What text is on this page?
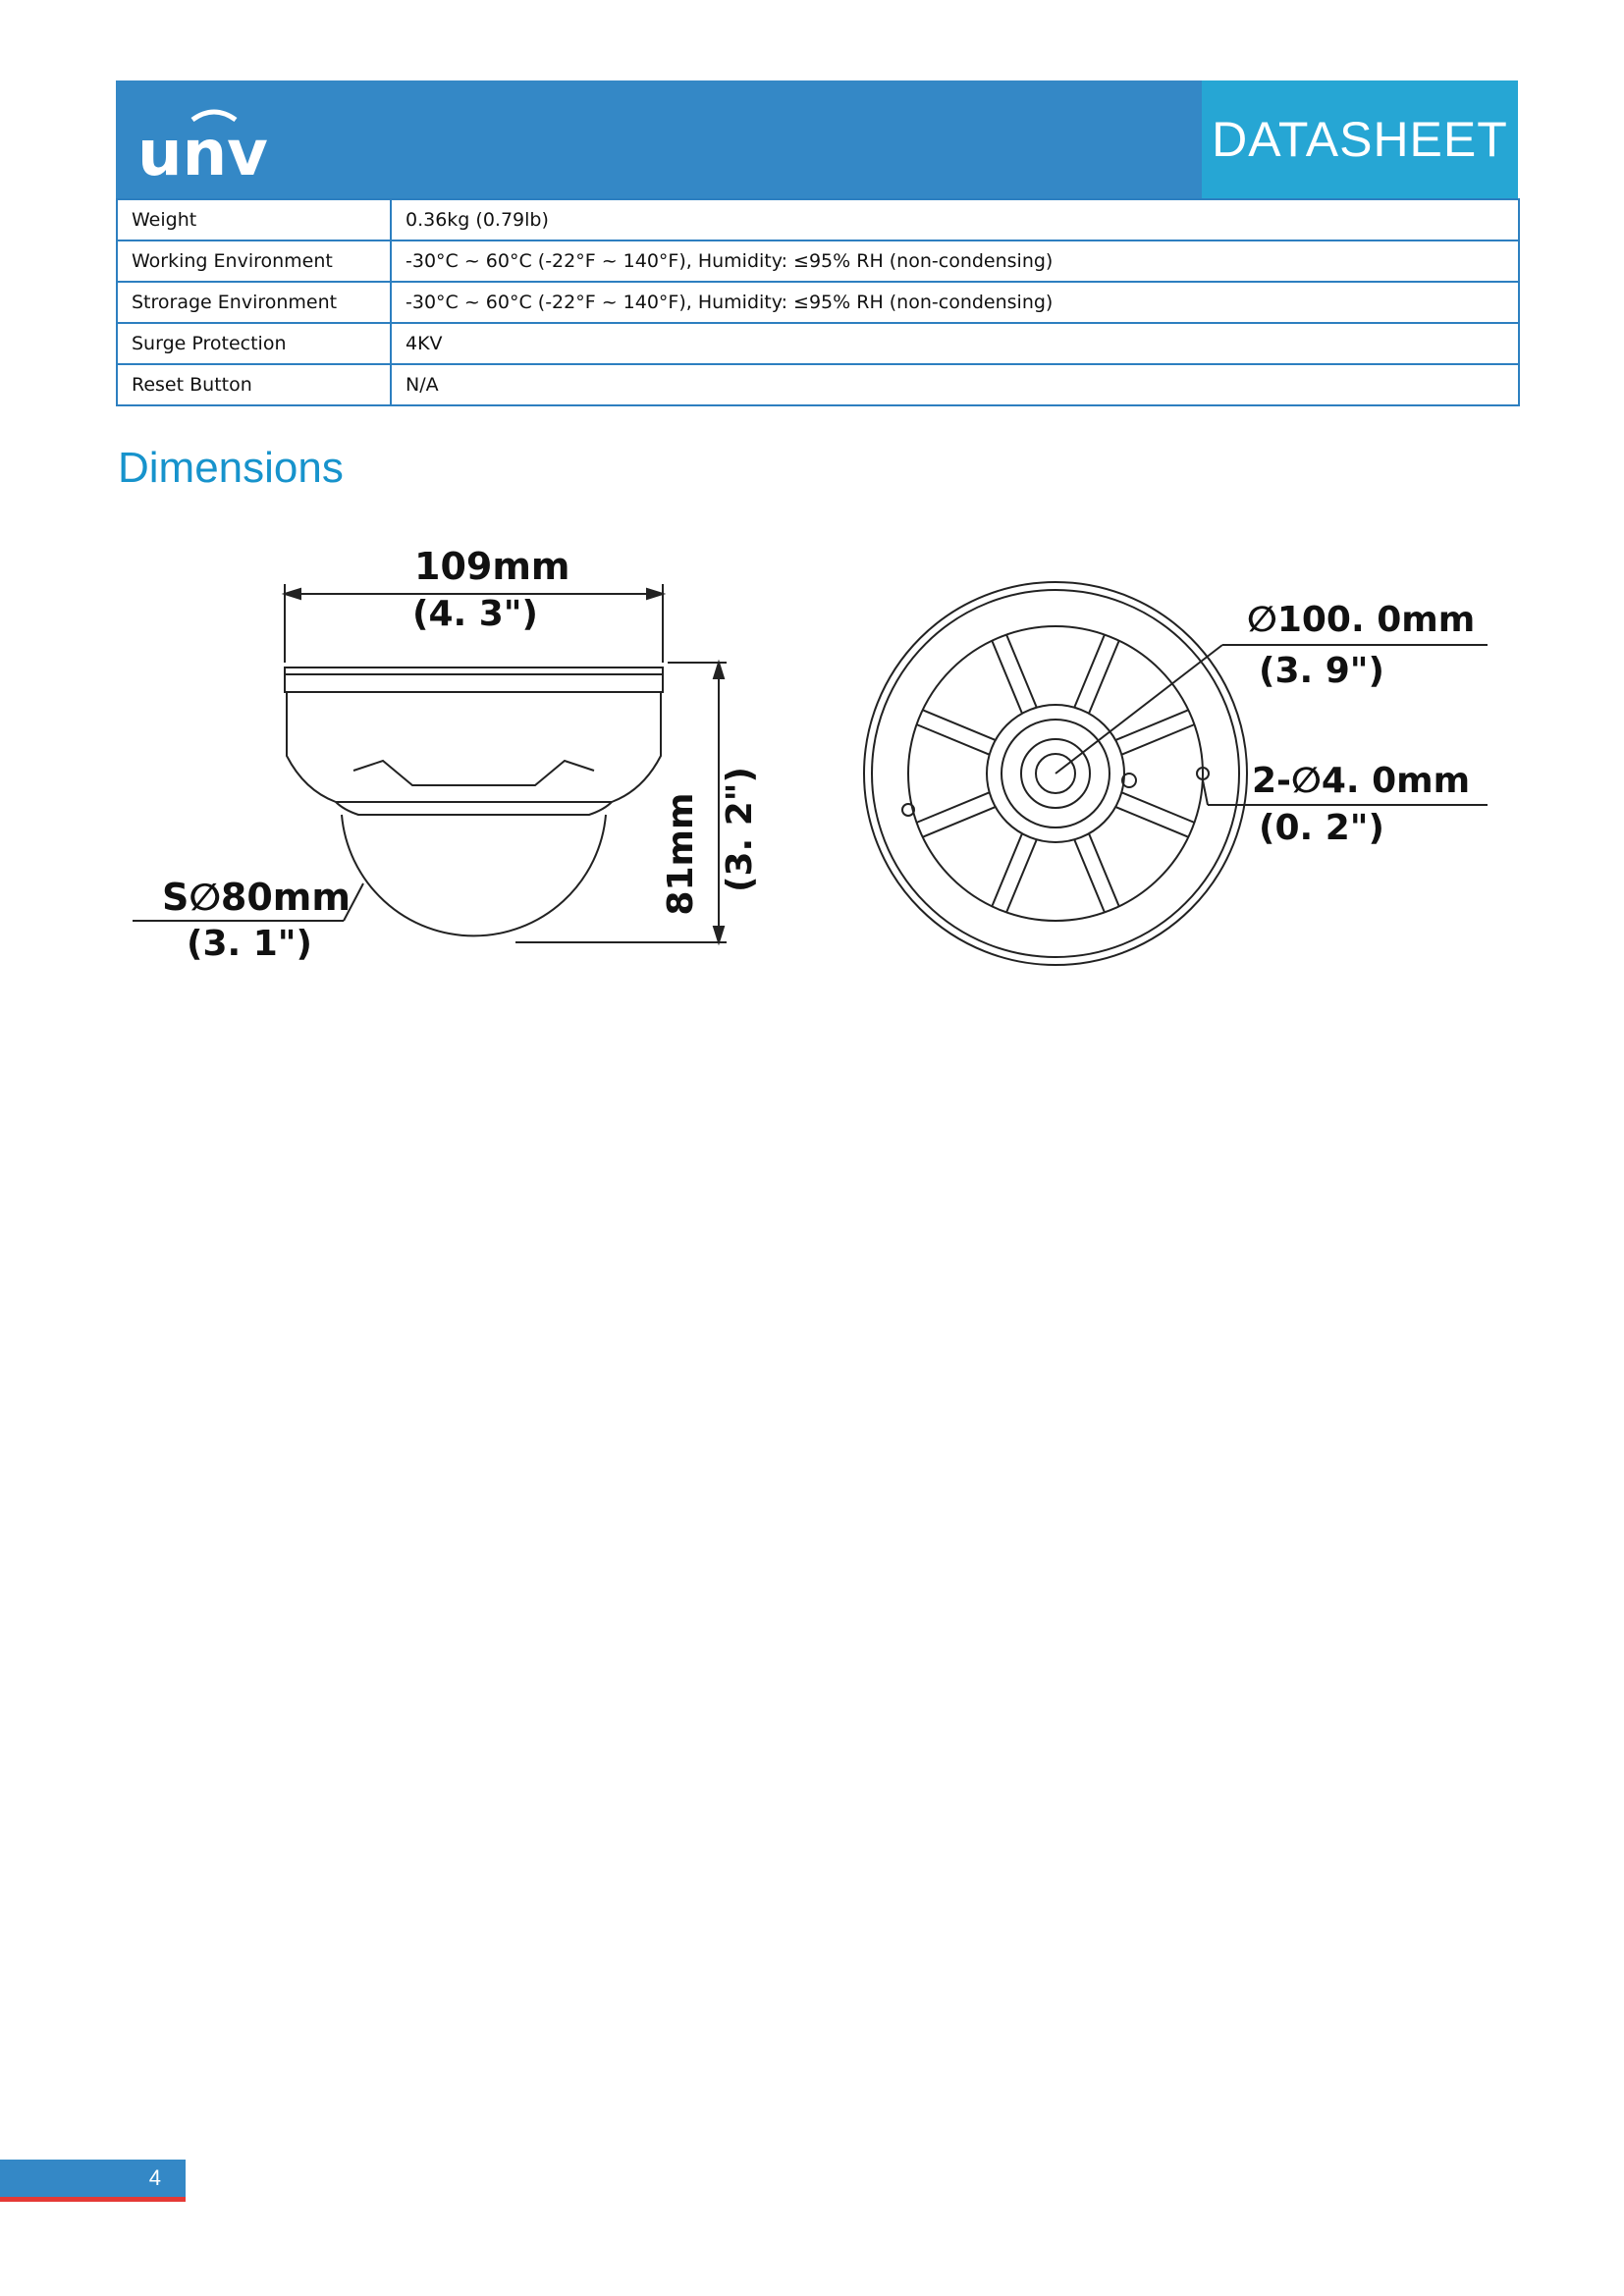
unv	DATASHEET
Weight	0.36kg (0.79lb)
Working Environment	-30°C ~ 60°C (-22°F ~ 140°F), Humidity: ≤95% RH (non-condensing)
Strorage Environment	-30°C ~ 60°C (-22°F ~ 140°F), Humidity: ≤95% RH (non-condensing)
Surge Protection	4KV
Reset Button	N/A
Dimensions
109mm
(4. 3")
81mm (3. 2")
S∅80mm
(3. 1")
∅100. 0mm
(3. 9")
2-∅4. 0mm
(0. 2")
4
